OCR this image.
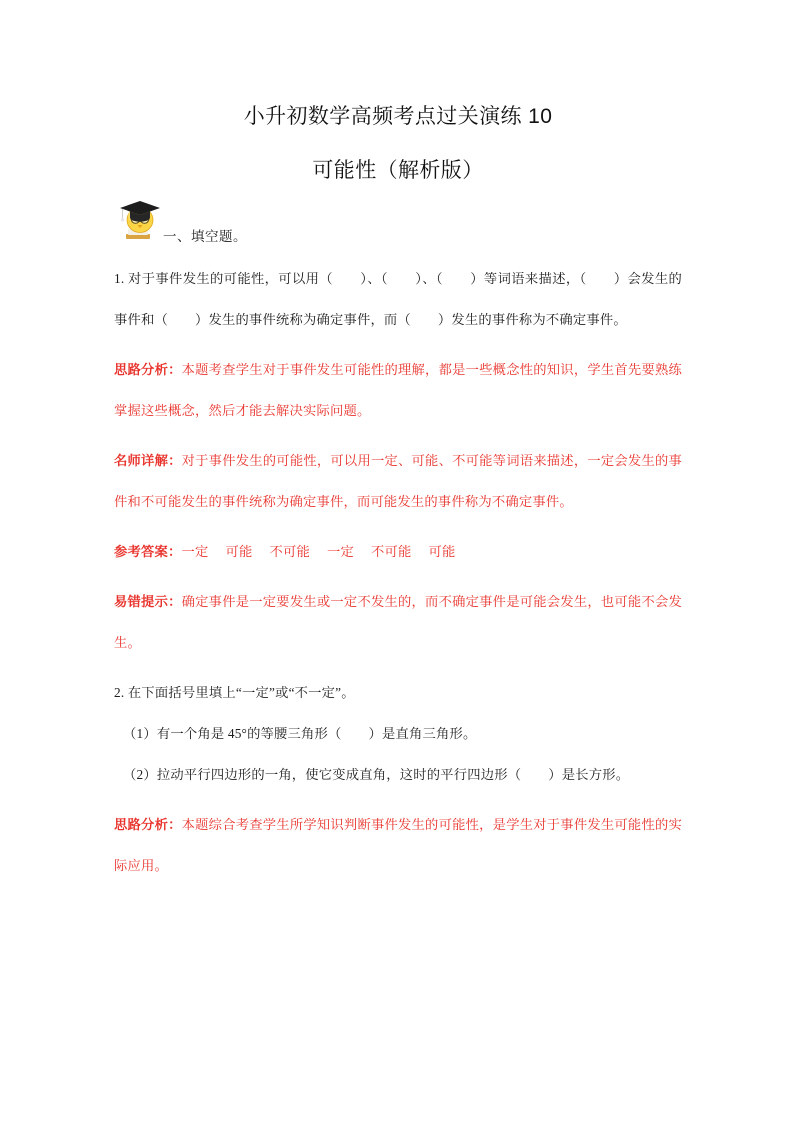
小升初数学高频考点过关演练 10
可能性（解析版）
一、填空题。

1. 对于事件发生的可能性，可以用（　　）、（　　）、（　　）等词语来描述，（　　）会发生的事件和（　　）发生的事件统称为确定事件，而（　　）发生的事件称为不确定事件。

思路分析：本题考查学生对于事件发生可能性的理解，都是一些概念性的知识，学生首先要熟练掌握这些概念，然后才能去解决实际问题。

名师详解：对于事件发生的可能性，可以用一定、可能、不可能等词语来描述，一定会发生的事件和不可能发生的事件统称为确定事件，而可能发生的事件称为不确定事件。

参考答案：一定 可能 不可能 一定 不可能 可能

易错提示：确定事件是一定要发生或一定不发生的，而不确定事件是可能会发生，也可能不会发生。

2. 在下面括号里填上“一定”或“不一定”。

（1）有一个角是 45°的等腰三角形（　　）是直角三角形。

（2）拉动平行四边形的一角，使它变成直角，这时的平行四边形（　　）是长方形。

思路分析：本题综合考查学生所学知识判断事件发生的可能性，是学生对于事件发生可能性的实际应用。
